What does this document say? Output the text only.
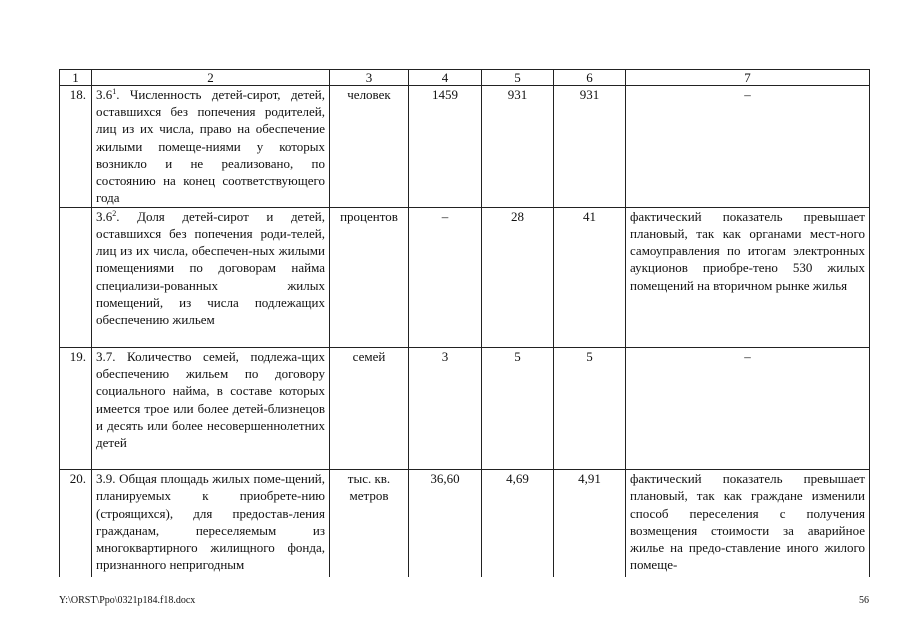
1	2	3	4	5	6	7
18.	$3.6^1$. Численность детей-сирот, детей, оставшихся без попечения родителей, лиц из их числа, право на обеспечение жилыми помеще-ниями у которых возникло и не реализовано, по состоянию на конец соответствующего года	человек	1459	931	931	–
	$3.6^2$. Доля детей-сирот и детей, оставшихся без попечения роди-телей, лиц из их числа, обеспечен-ных жилыми помещениями по договорам найма специализи-рованных жилых помещений, из числа подлежащих обеспечению жильем	процентов	–	28	41	фактический показатель превышает плановый, так как органами мест-ного самоуправления по итогам электронных аукционов приобре-тено 530 жилых помещений на вторичном рынке жилья
19.	3.7. Количество семей, подлежа-щих обеспечению жильем по договору социального найма, в составе которых имеется трое или более детей-близнецов и десять или более несовершеннолетних детей	семей	3	5	5	–
20.	3.9. Общая площадь жилых поме-щений, планируемых к приобрете-нию (строящихся), для предостав-ления гражданам, переселяемым из многоквартирного жилищного фонда, признанного непригодным	тыс. кв. метров	36,60	4,69	4,91	фактический показатель превышает плановый, так как граждане изменили способ переселения с получения возмещения стоимости за аварийное жилье на предо-ставление иного жилого помеще-
Y:\ORST\Ppo\0321p184.f18.docx	56
